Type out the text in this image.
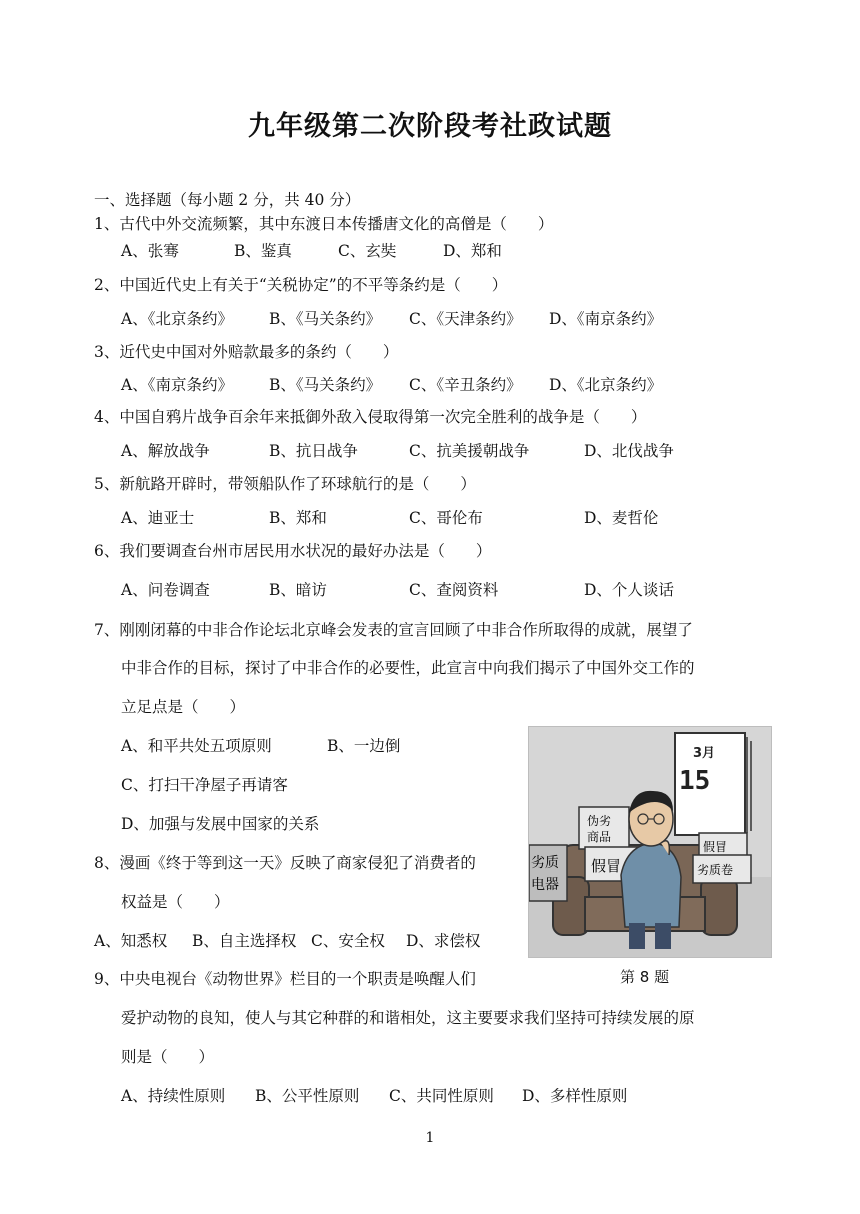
九年级第二次阶段考社政试题
一、选择题（每小题 2 分，共 40 分）
1、古代中外交流频繁，其中东渡日本传播唐文化的高僧是（　　）
A、张骞	B、鉴真	C、玄奘	D、郑和
2、中国近代史上有关于“关税协定”的不平等条约是（　　）
A、《北京条约》 B、《马关条约》 C、《天津条约》 D、《南京条约》
3、近代史中国对外赔款最多的条约（　　）
A、《南京条约》 B、《马关条约》 C、《辛丑条约》 D、《北京条约》
4、中国自鸦片战争百余年来抵御外敌入侵取得第一次完全胜利的战争是（　　）
A、解放战争	B、抗日战争	C、抗美援朝战争	D、北伐战争
5、新航路开辟时，带领船队作了环球航行的是（　　）
A、迪亚士	B、郑和	C、哥伦布	D、麦哲伦
6、我们要调查台州市居民用水状况的最好办法是（　　）
A、问卷调查	B、暗访	C、查阅资料	D、个人谈话
7、刚刚闭幕的中非合作论坛北京峰会发表的宣言回顾了中非合作所取得的成就，展望了
中非合作的目标，探讨了中非合作的必要性，此宣言中向我们揭示了中国外交工作的
立足点是（　　）
A、和平共处五项原则	B、一边倒
C、打扫干净屋子再请客
D、加强与发展中国家的关系
8、漫画《终于等到这一天》反映了商家侵犯了消费者的
权益是（　　）
A、知悉权 B、自主选择权 C、安全权 D、求偿权
9、中央电视台《动物世界》栏目的一个职责是唤醒人们
爱护动物的良知，使人与其它种群的和谐相处，这主要要求我们坚持可持续发展的原
则是（　　）
A、持续性原则 B、公平性原则 C、共同性原则 D、多样性原则
3月
15
伪劣
商品
假冒
劣质
电器
假冒
劣质卷
第 8 题
1
